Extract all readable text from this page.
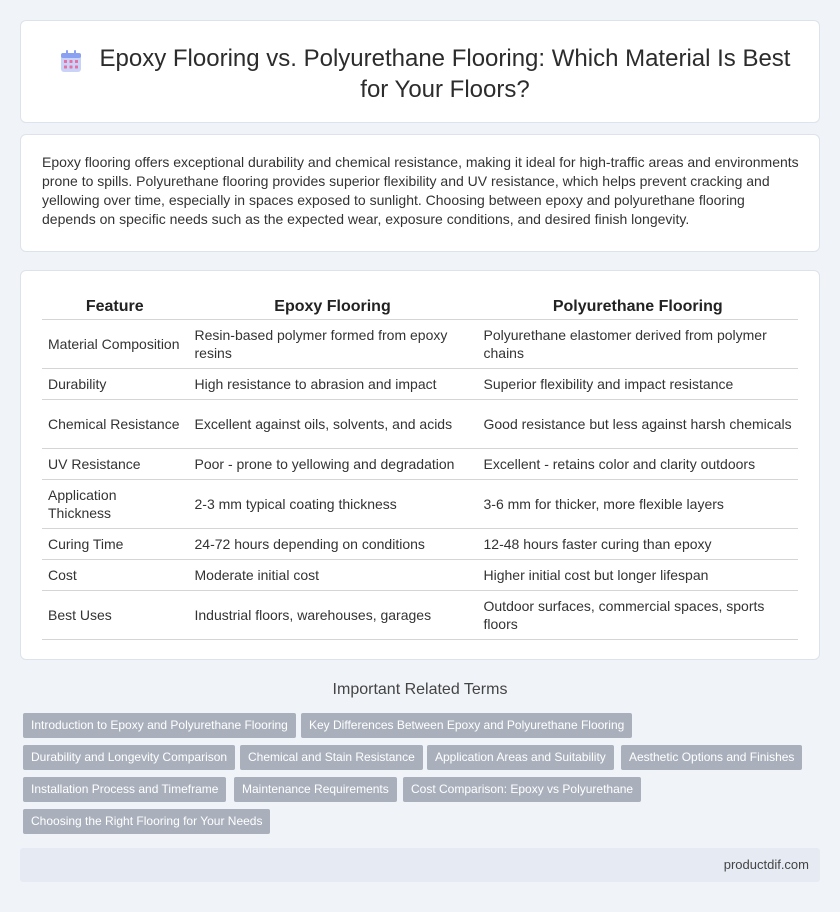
Epoxy Flooring vs. Polyurethane Flooring: Which Material Is Best for Your Floors?

Epoxy flooring offers exceptional durability and chemical resistance, making it ideal for high-traffic areas and environments prone to spills. Polyurethane flooring provides superior flexibility and UV resistance, which helps prevent cracking and yellowing over time, especially in spaces exposed to sunlight. Choosing between epoxy and polyurethane flooring depends on specific needs such as the expected wear, exposure conditions, and desired finish longevity.

Feature	Epoxy Flooring	Polyurethane Flooring
Material Composition	Resin-based polymer formed from epoxy resins	Polyurethane elastomer derived from polymer chains
Durability	High resistance to abrasion and impact	Superior flexibility and impact resistance
Chemical Resistance	Excellent against oils, solvents, and acids	Good resistance but less against harsh chemicals
UV Resistance	Poor - prone to yellowing and degradation	Excellent - retains color and clarity outdoors
Application Thickness	2-3 mm typical coating thickness	3-6 mm for thicker, more flexible layers
Curing Time	24-72 hours depending on conditions	12-48 hours faster curing than epoxy
Cost	Moderate initial cost	Higher initial cost but longer lifespan
Best Uses	Industrial floors, warehouses, garages	Outdoor surfaces, commercial spaces, sports floors
Important Related Terms
Introduction to Epoxy and Polyurethane Flooring	Key Differences Between Epoxy and Polyurethane Flooring
Durability and Longevity Comparison	Chemical and Stain Resistance	Application Areas and Suitability	Aesthetic Options and Finishes
Installation Process and Timeframe	Maintenance Requirements	Cost Comparison: Epoxy vs Polyurethane
Choosing the Right Flooring for Your Needs
productdif.com
